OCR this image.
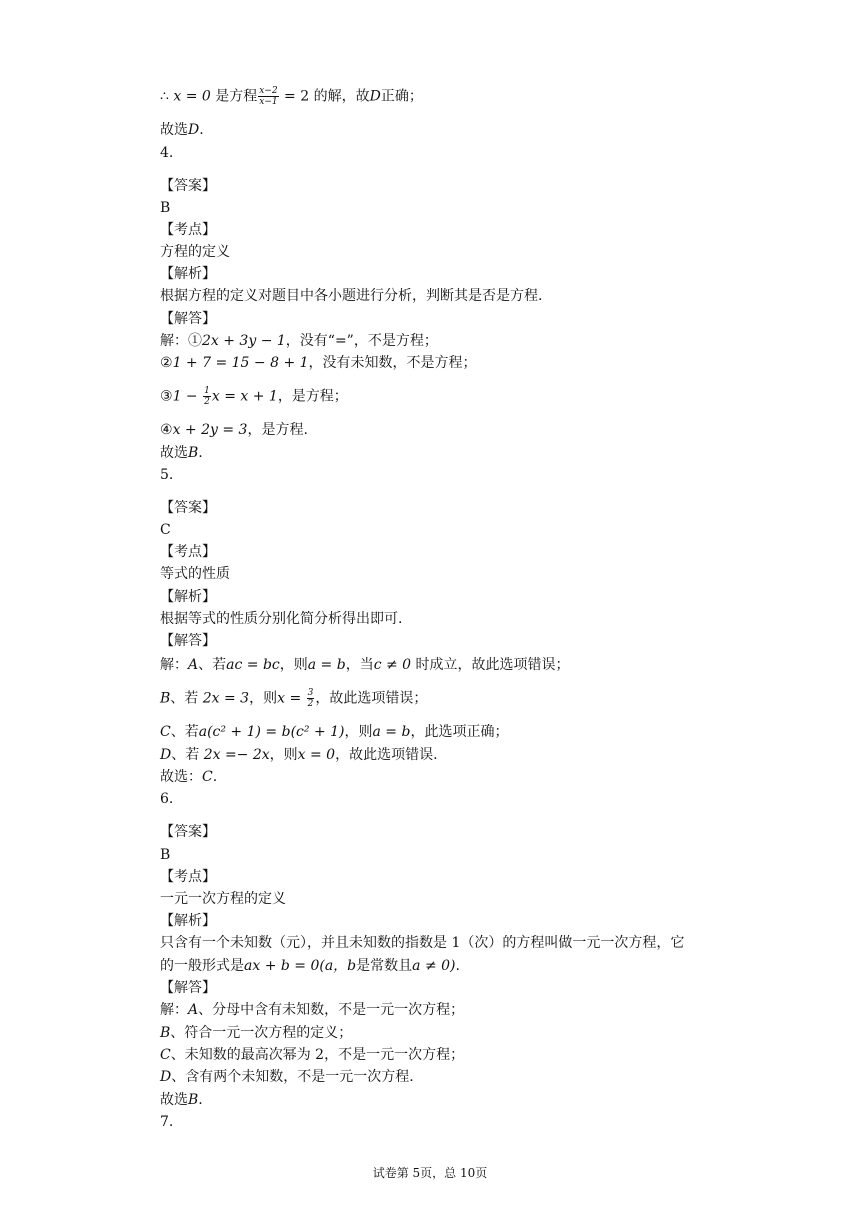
∴ x = 0 是方程 $\frac{x-2}{x-1} = 2$ 的解，故D正确；
故选D.
4.
【答案】
B
【考点】
方程的定义
【解析】
根据方程的定义对题目中各小题进行分析，判断其是否是方程.
【解答】
解：①2x + 3y − 1，没有“=”，不是方程；
②1 + 7 = 15 − 8 + 1，没有未知数，不是方程；
③1 − $\frac{1}{2}$ x = x + 1，是方程；
④x + 2y = 3，是方程.
故选B.
5.
【答案】
C
【考点】
等式的性质
【解析】
根据等式的性质分别化简分析得出即可.
【解答】
解：A、若ac = bc，则a = b，当c ≠ 0 时成立，故此选项错误；
B、若 2x = 3，则$x = \frac{3}{2}$ ，故此选项错误；
C、若a(c² + 1) = b(c² + 1)，则a = b，此选项正确；
D、若 2x =− 2x，则x = 0，故此选项错误.
故选：C.
6.
【答案】
B
【考点】
一元一次方程的定义
【解析】
只含有一个未知数（元），并且未知数的指数是 1（次）的方程叫做一元一次方程，它
的一般形式是ax + b = 0(a，b是常数且a ≠ 0).
【解答】
解：A、分母中含有未知数，不是一元一次方程；
B、符合一元一次方程的定义；
C、未知数的最高次幂为 2，不是一元一次方程；
D、含有两个未知数，不是一元一次方程.
故选B.
7.
试卷第 5页，总 10页
